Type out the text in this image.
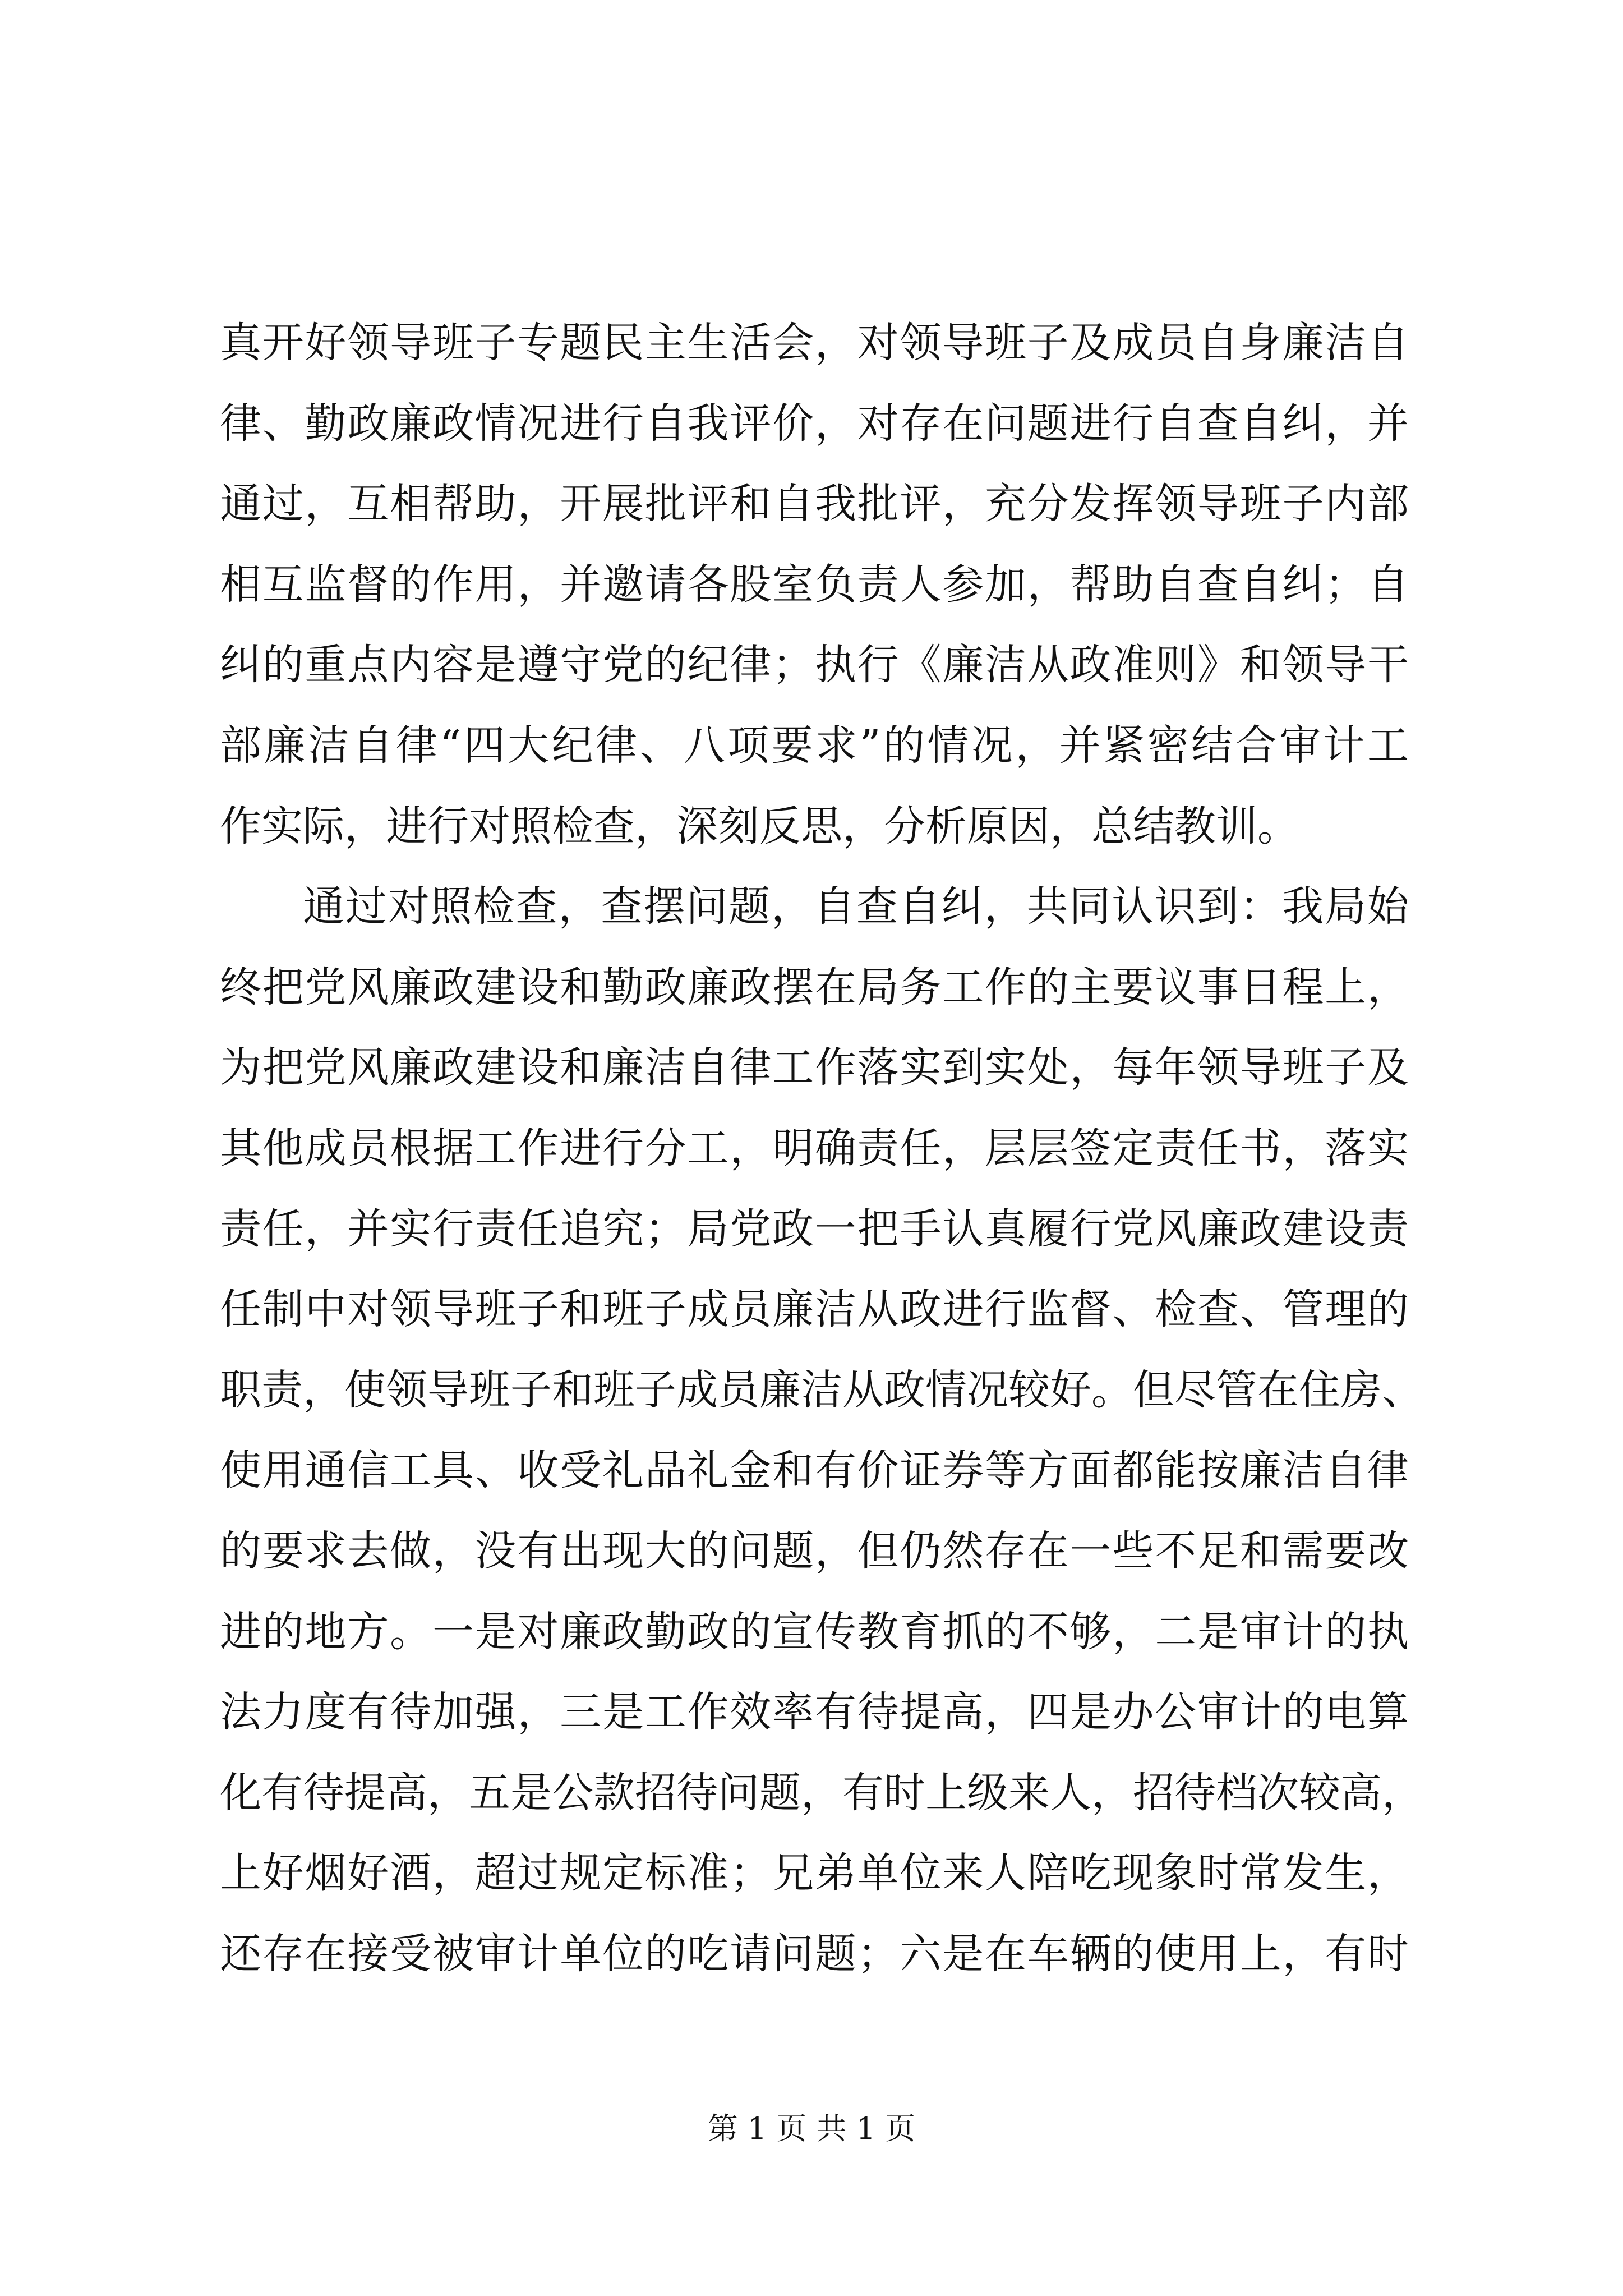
真开好领导班子专题民主生活会，对领导班子及成员自身廉洁自
律、勤政廉政情况进行自我评价，对存在问题进行自查自纠，并
通过，互相帮助，开展批评和自我批评，充分发挥领导班子内部
相互监督的作用，并邀请各股室负责人参加，帮助自查自纠；自
纠的重点内容是遵守党的纪律；执行《廉洁从政准则》和领导干
部廉洁自律“四大纪律、八项要求”的情况，并紧密结合审计工
作实际，进行对照检查，深刻反思，分析原因，总结教训。
通过对照检查，查摆问题，自查自纠，共同认识到：我局始
终把党风廉政建设和勤政廉政摆在局务工作的主要议事日程上，
为把党风廉政建设和廉洁自律工作落实到实处，每年领导班子及
其他成员根据工作进行分工，明确责任，层层签定责任书，落实
责任，并实行责任追究；局党政一把手认真履行党风廉政建设责
任制中对领导班子和班子成员廉洁从政进行监督、检查、管理的
职责，使领导班子和班子成员廉洁从政情况较好。但尽管在住房、
使用通信工具、收受礼品礼金和有价证券等方面都能按廉洁自律
的要求去做，没有出现大的问题，但仍然存在一些不足和需要改
进的地方。一是对廉政勤政的宣传教育抓的不够，二是审计的执
法力度有待加强，三是工作效率有待提高，四是办公审计的电算
化有待提高，五是公款招待问题，有时上级来人，招待档次较高，
上好烟好酒，超过规定标准；兄弟单位来人陪吃现象时常发生，
还存在接受被审计单位的吃请问题；六是在车辆的使用上，有时
第 1 页 共 1 页
